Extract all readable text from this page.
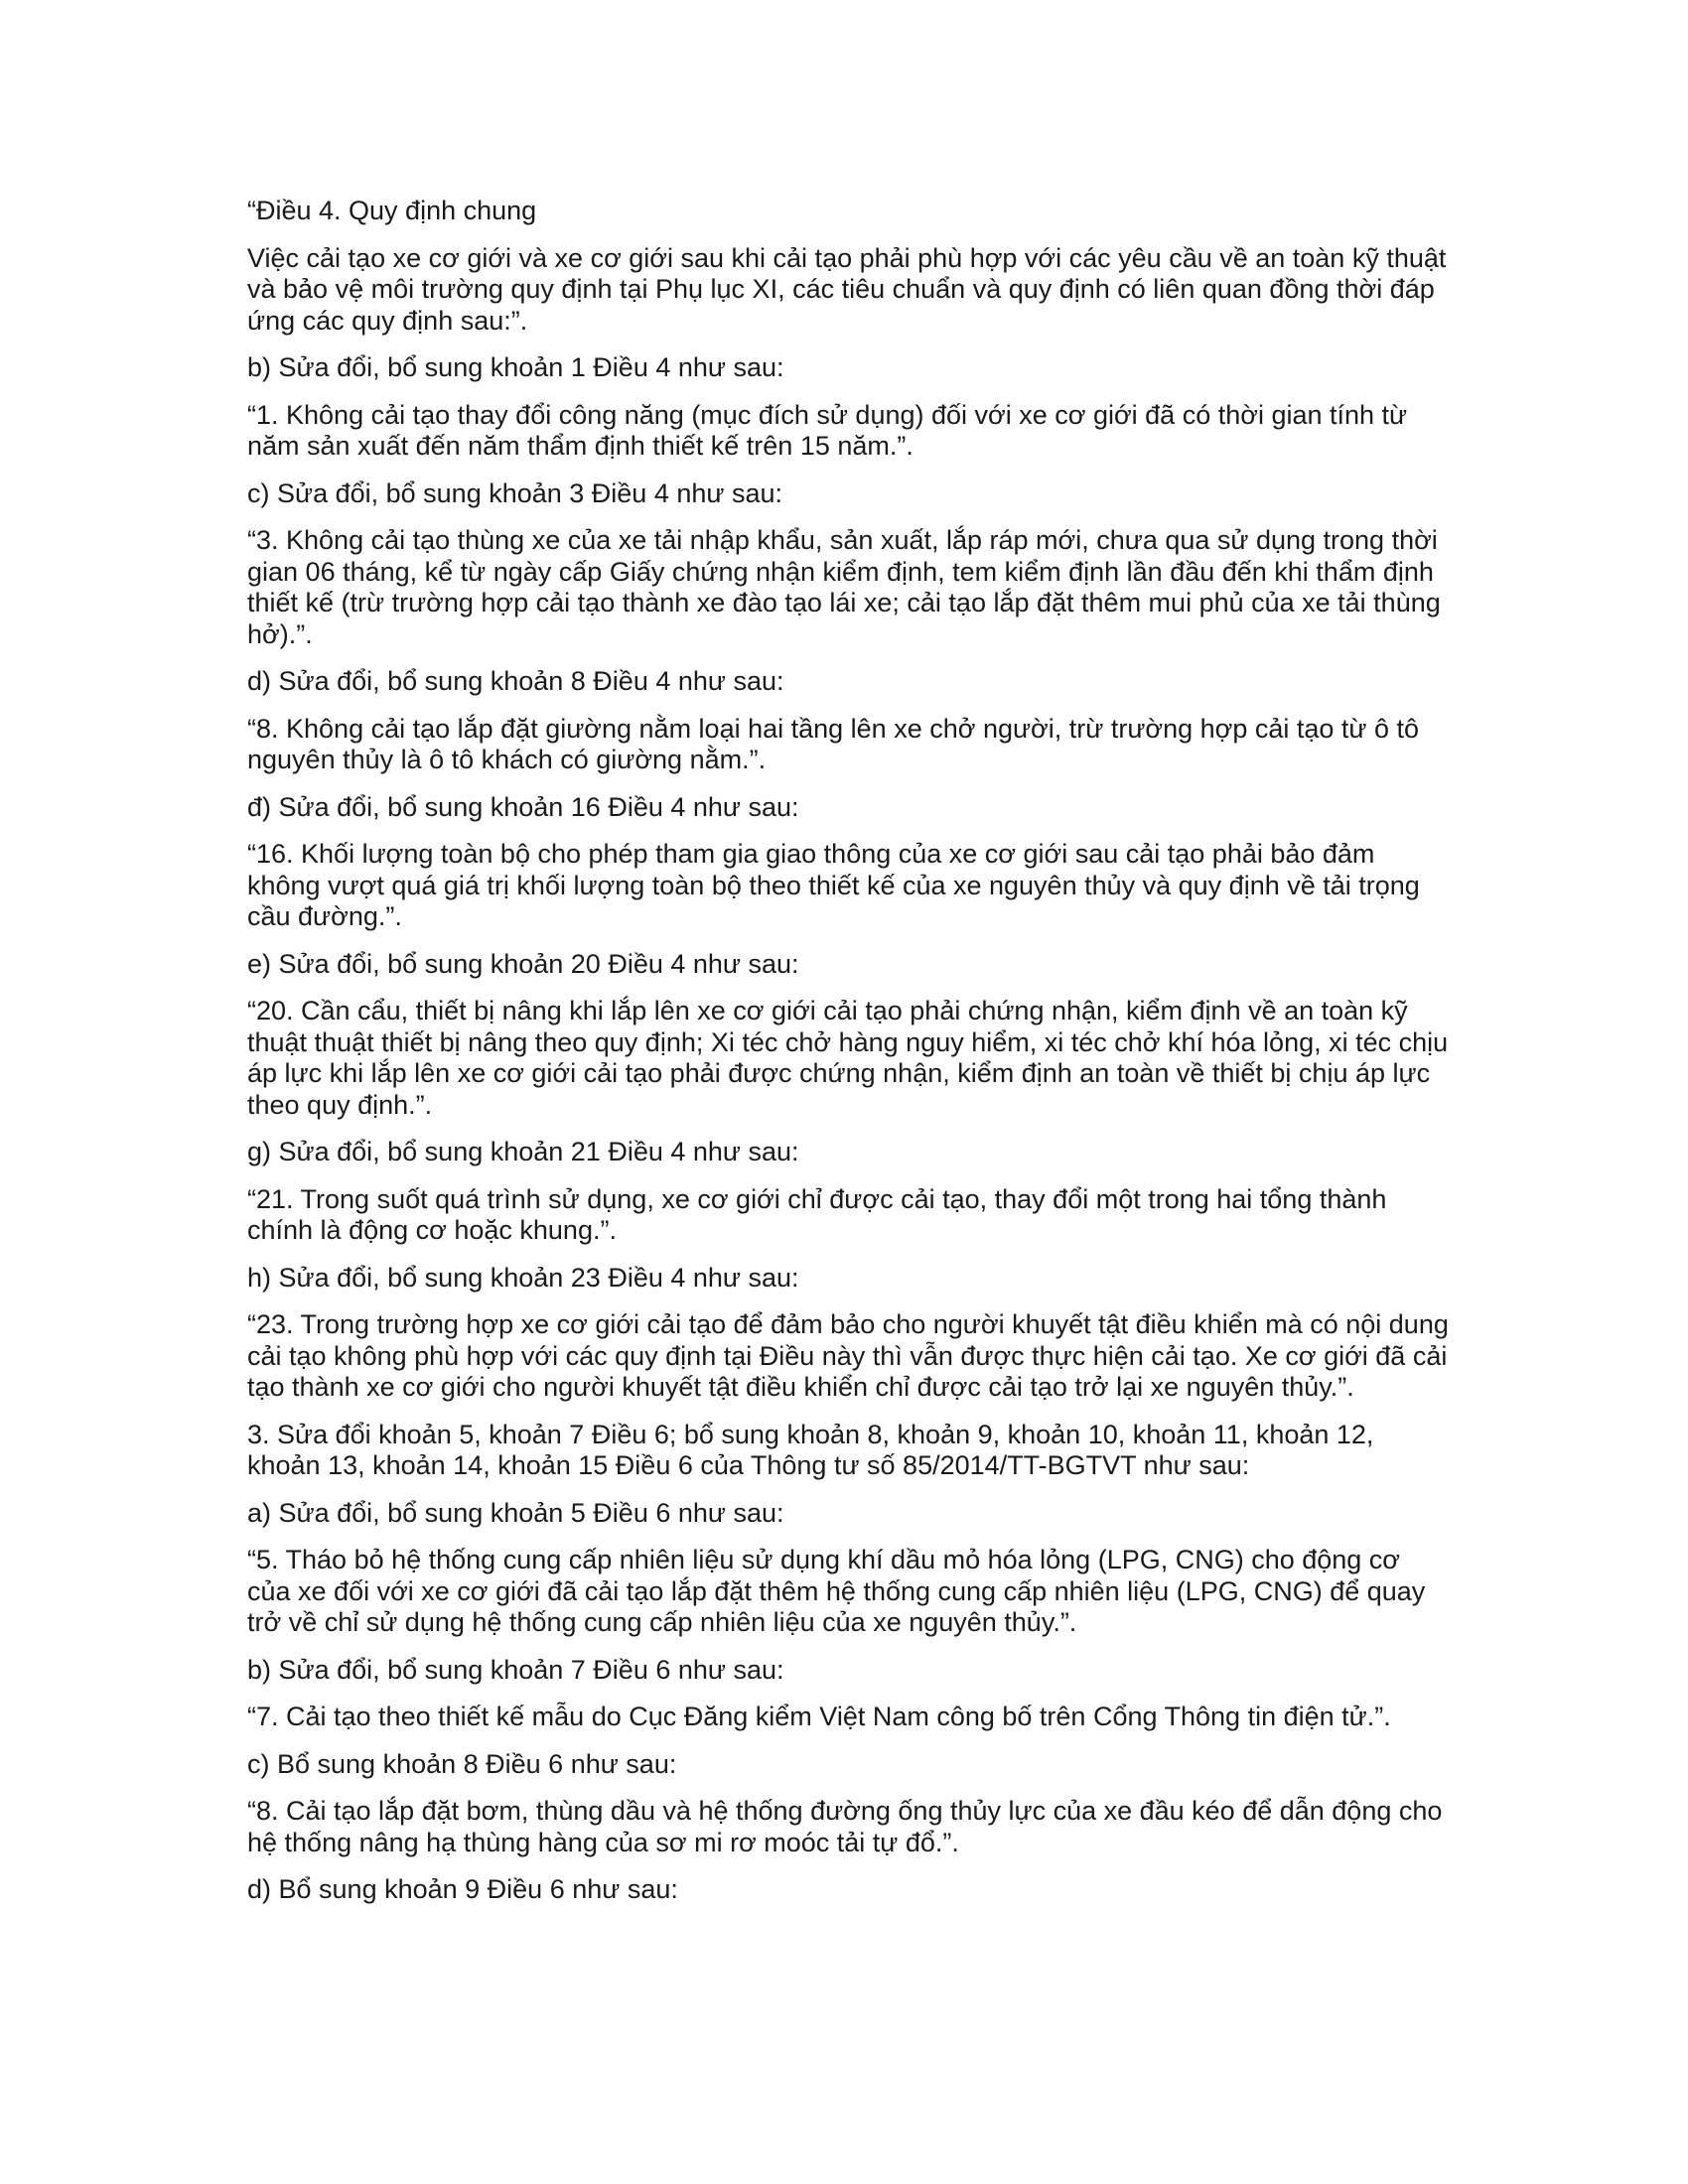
“Điều 4. Quy định chung

Việc cải tạo xe cơ giới và xe cơ giới sau khi cải tạo phải phù hợp với các yêu cầu về an toàn kỹ thuật và bảo vệ môi trường quy định tại Phụ lục XI, các tiêu chuẩn và quy định có liên quan đồng thời đáp ứng các quy định sau:”.

b) Sửa đổi, bổ sung khoản 1 Điều 4 như sau:

“1. Không cải tạo thay đổi công năng (mục đích sử dụng) đối với xe cơ giới đã có thời gian tính từ năm sản xuất đến năm thẩm định thiết kế trên 15 năm.”.

c) Sửa đổi, bổ sung khoản 3 Điều 4 như sau:

“3. Không cải tạo thùng xe của xe tải nhập khẩu, sản xuất, lắp ráp mới, chưa qua sử dụng trong thời gian 06 tháng, kể từ ngày cấp Giấy chứng nhận kiểm định, tem kiểm định lần đầu đến khi thẩm định thiết kế (trừ trường hợp cải tạo thành xe đào tạo lái xe; cải tạo lắp đặt thêm mui phủ của xe tải thùng hở).”.

d) Sửa đổi, bổ sung khoản 8 Điều 4 như sau:

“8. Không cải tạo lắp đặt giường nằm loại hai tầng lên xe chở người, trừ trường hợp cải tạo từ ô tô nguyên thủy là ô tô khách có giường nằm.”.

đ) Sửa đổi, bổ sung khoản 16 Điều 4 như sau:

“16. Khối lượng toàn bộ cho phép tham gia giao thông của xe cơ giới sau cải tạo phải bảo đảm không vượt quá giá trị khối lượng toàn bộ theo thiết kế của xe nguyên thủy và quy định về tải trọng cầu đường.”.

e) Sửa đổi, bổ sung khoản 20 Điều 4 như sau:

“20. Cần cẩu, thiết bị nâng khi lắp lên xe cơ giới cải tạo phải chứng nhận, kiểm định về an toàn kỹ thuật thuật thiết bị nâng theo quy định; Xi téc chở hàng nguy hiểm, xi téc chở khí hóa lỏng, xi téc chịu áp lực khi lắp lên xe cơ giới cải tạo phải được chứng nhận, kiểm định an toàn về thiết bị chịu áp lực theo quy định.”.

g) Sửa đổi, bổ sung khoản 21 Điều 4 như sau:

“21. Trong suốt quá trình sử dụng, xe cơ giới chỉ được cải tạo, thay đổi một trong hai tổng thành chính là động cơ hoặc khung.”.

h) Sửa đổi, bổ sung khoản 23 Điều 4 như sau:

“23. Trong trường hợp xe cơ giới cải tạo để đảm bảo cho người khuyết tật điều khiển mà có nội dung cải tạo không phù hợp với các quy định tại Điều này thì vẫn được thực hiện cải tạo. Xe cơ giới đã cải tạo thành xe cơ giới cho người khuyết tật điều khiển chỉ được cải tạo trở lại xe nguyên thủy.”.

3. Sửa đổi khoản 5, khoản 7 Điều 6; bổ sung khoản 8, khoản 9, khoản 10, khoản 11, khoản 12, khoản 13, khoản 14, khoản 15 Điều 6 của Thông tư số 85/2014/TT-BGTVT như sau:

a) Sửa đổi, bổ sung khoản 5 Điều 6 như sau:

“5. Tháo bỏ hệ thống cung cấp nhiên liệu sử dụng khí dầu mỏ hóa lỏng (LPG, CNG) cho động cơ của xe đối với xe cơ giới đã cải tạo lắp đặt thêm hệ thống cung cấp nhiên liệu (LPG, CNG) để quay trở về chỉ sử dụng hệ thống cung cấp nhiên liệu của xe nguyên thủy.”.

b) Sửa đổi, bổ sung khoản 7 Điều 6 như sau:

“7. Cải tạo theo thiết kế mẫu do Cục Đăng kiểm Việt Nam công bố trên Cổng Thông tin điện tử.”.

c) Bổ sung khoản 8 Điều 6 như sau:

“8. Cải tạo lắp đặt bơm, thùng dầu và hệ thống đường ống thủy lực của xe đầu kéo để dẫn động cho hệ thống nâng hạ thùng hàng của sơ mi rơ moóc tải tự đổ.”.

d) Bổ sung khoản 9 Điều 6 như sau:
